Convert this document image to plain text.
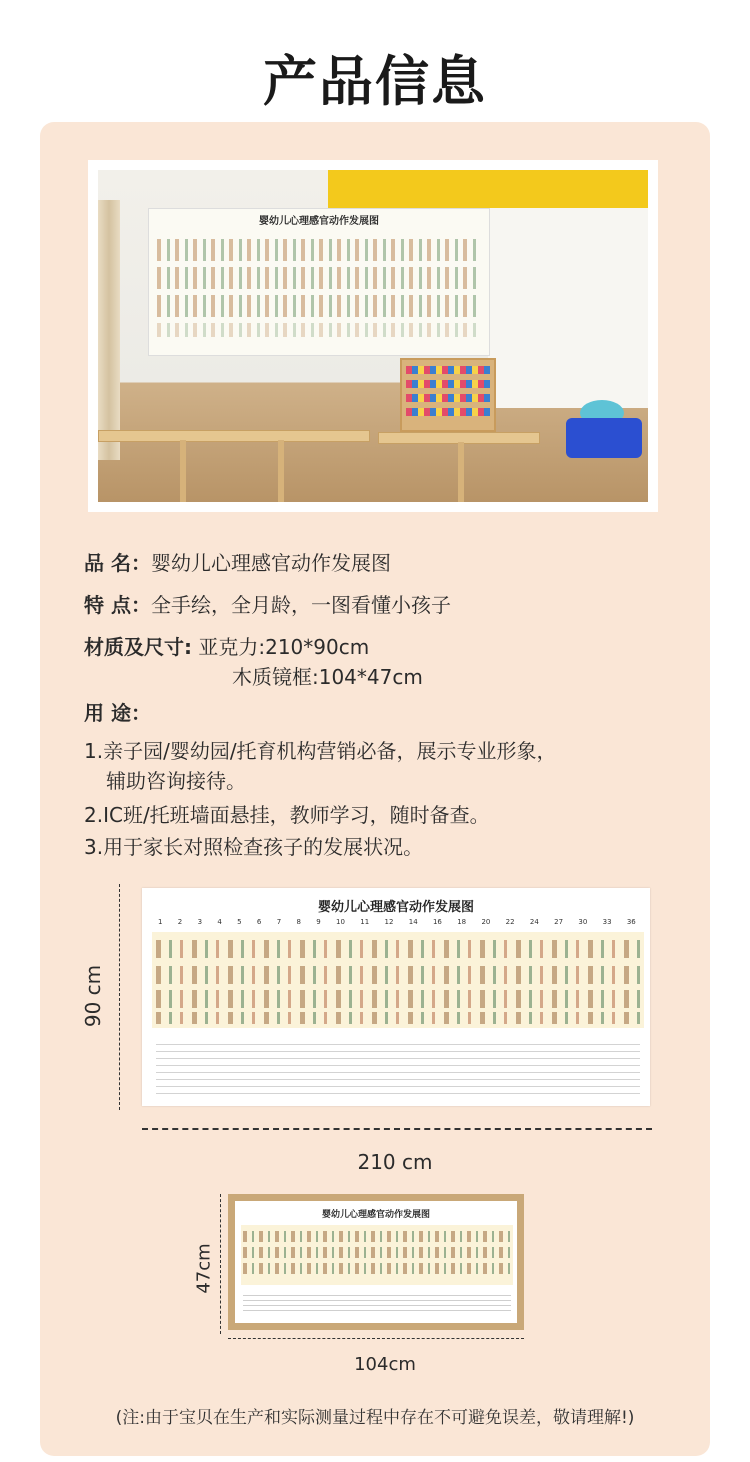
产品信息
婴幼儿心理感官动作发展图
品 名：婴幼儿心理感官动作发展图
特 点：全手绘，全月龄，一图看懂小孩子
材质及尺寸: 亚克力:210*90cm
木质镜框:104*47cm
用 途：
1.亲子园/婴幼园/托育机构营销必备，展示专业形象，
辅助咨询接待。
2.IC班/托班墙面悬挂，教师学习，随时备查。
3.用于家长对照检查孩子的发展状况。
90 cm
婴幼儿心理感官动作发展图
1 2 3 4 5 6 7 8 9 10 11 12 14 16 18 20 22 24 27 30 33 36
210 cm
47cm
婴幼儿心理感官动作发展图
104cm
(注:由于宝贝在生产和实际测量过程中存在不可避免误差，敬请理解!)
